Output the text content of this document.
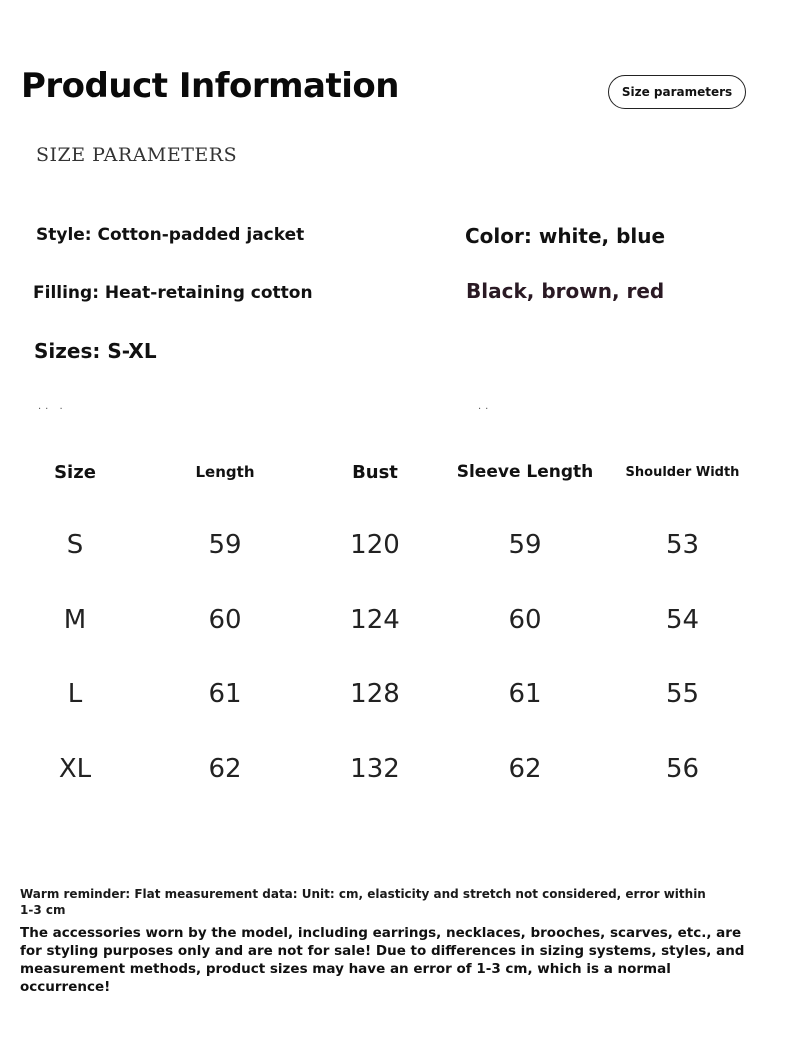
Product Information	Size parameters
SIZE PARAMETERS
Style: Cotton-padded jacket
Filling: Heat-retaining cotton
Sizes: S-XL
Color: white, blue
Black, brown, red
·· ·	··
Size	Length	Bust	Sleeve Length	Shoulder Width
S	59	120	59	53
M	60	124	60	54
L	61	128	61	55
XL	62	132	62	56
Warm reminder: Flat measurement data: Unit: cm, elasticity and stretch not considered, error within 1-3 cm
The accessories worn by the model, including earrings, necklaces, brooches, scarves, etc., are for styling purposes only and are not for sale! Due to differences in sizing systems, styles, and measurement methods, product sizes may have an error of 1-3 cm, which is a normal occurrence!
